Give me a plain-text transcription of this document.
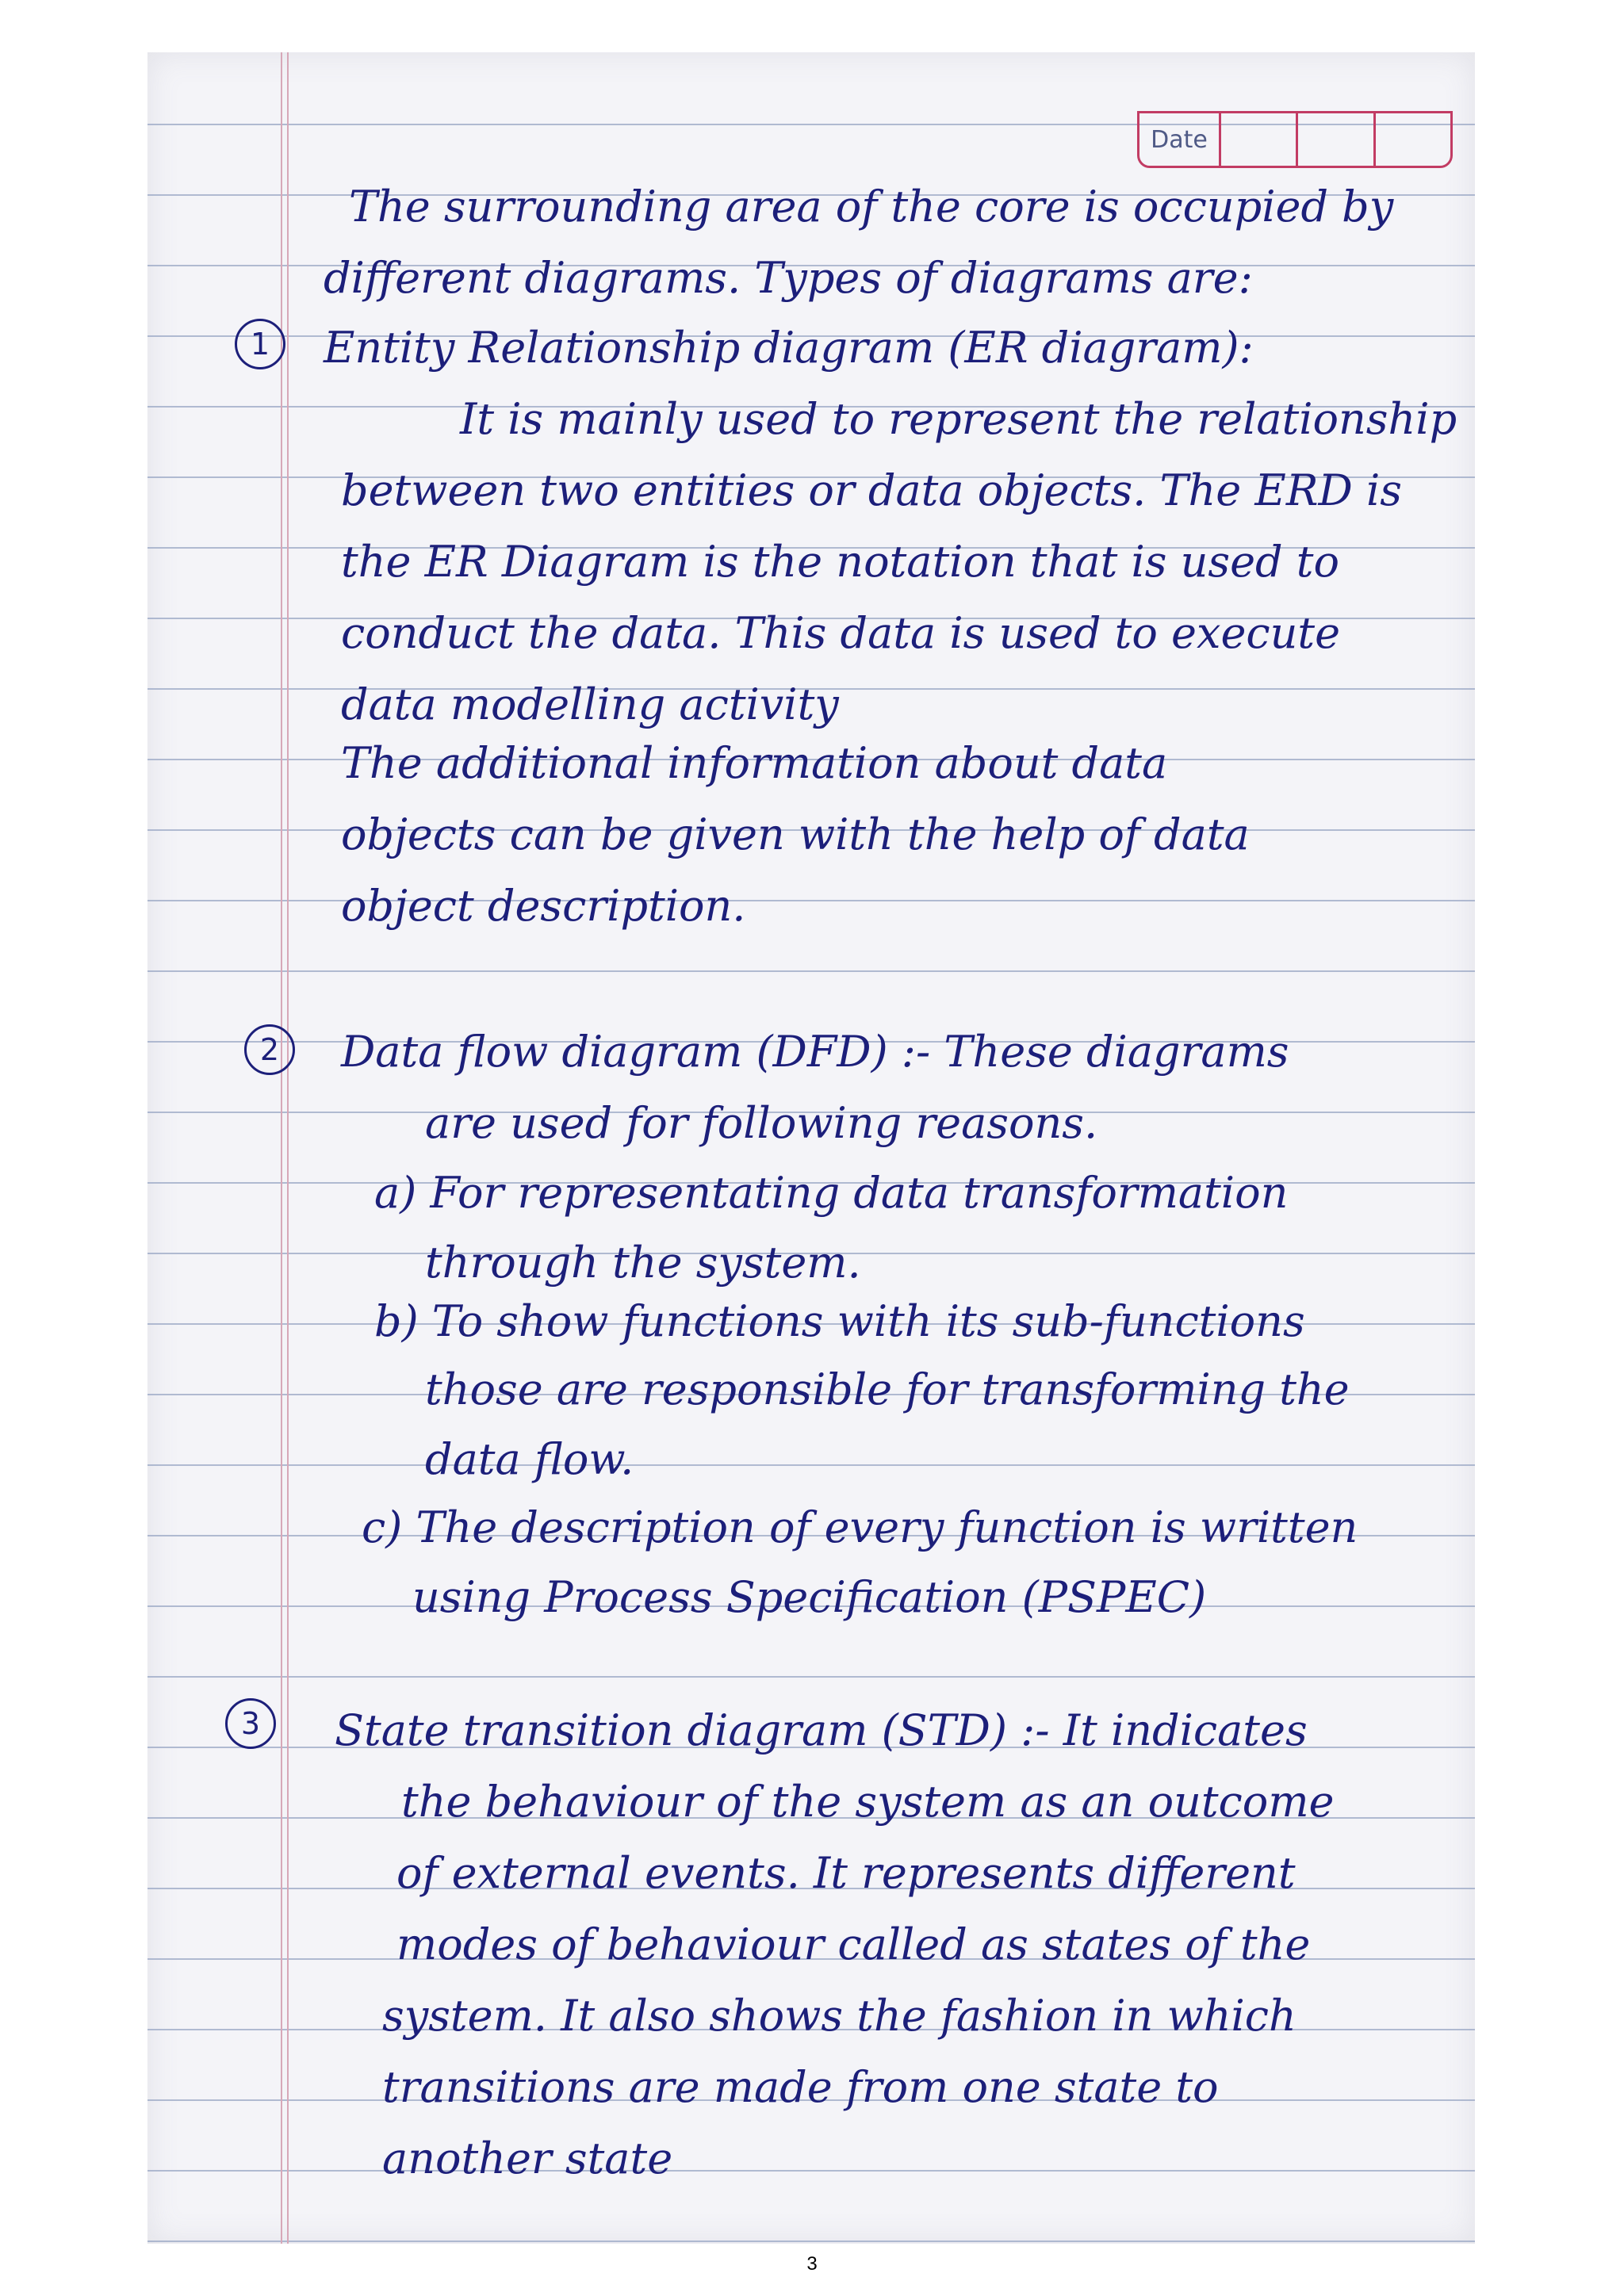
Date
The surrounding area of the core is occupied by
different diagrams. Types of diagrams are:
1	Entity Relationship diagram (ER diagram):
It is mainly used to represent the relationship
between two entities or data objects. The ERD is
the ER Diagram is the notation that is used to
conduct the data. This data is used to execute
data modelling activity
The additional information about data
objects can be given with the help of data
object description.
2	Data flow diagram (DFD) :- These diagrams
are used for following reasons.
a) For representating data transformation
through the system.
b) To show functions with its sub-functions
those are responsible for transforming the
data flow.
c) The description of every function is written
using Process Specification (PSPEC)
3	State transition diagram (STD) :- It indicates
the behaviour of the system as an outcome
of external events. It represents different
modes of behaviour called as states of the
system. It also shows the fashion in which
transitions are made from one state to
another state
3
